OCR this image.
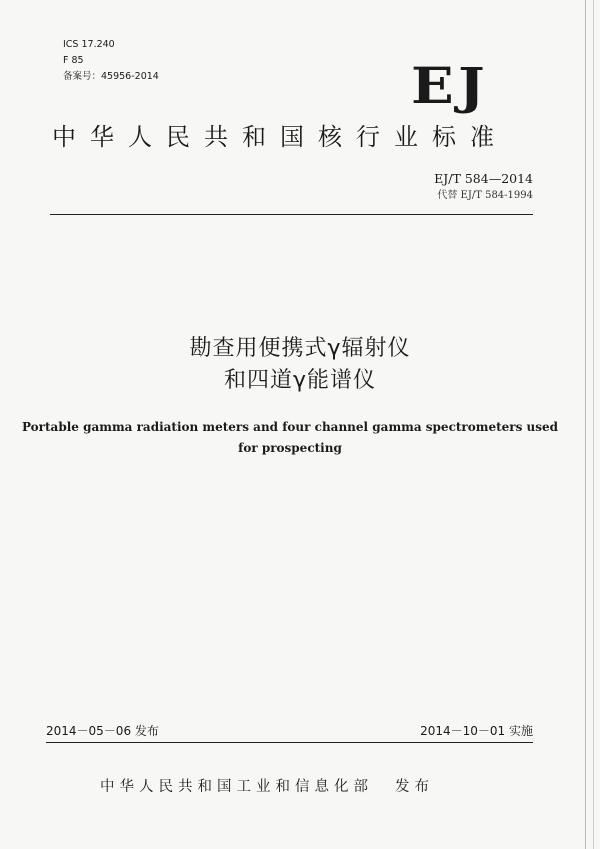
ICS 17.240
F 85
备案号：45956-2014	EJ
中华人民共和国核行业标准
EJ/T 584—2014
代替 EJ/T 584-1994
勘查用便携式γ辐射仪
和四道γ能谱仪
Portable gamma radiation meters and four channel gamma spectrometers used
for prospecting
2014－05－06 发布	2014－10－01 实施
中华人民共和国工业和信息化部 发布
